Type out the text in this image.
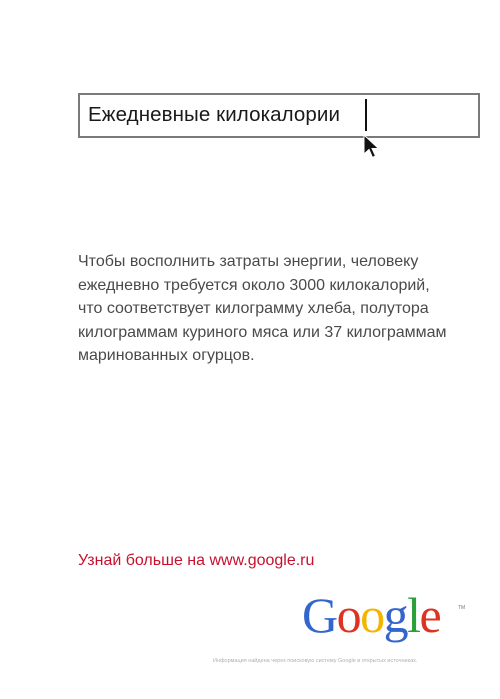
Ежедневные килокалории

Чтобы восполнить затраты энергии, человеку
ежедневно требуется около 3000 килокалорий,
что соответствует килограмму хлеба, полутора
килограммам куриного мяса или 37 килограммам
маринованных огурцов.

Узнай больше на www.google.ru
Google	TM
Информация найдена через поисковую систему Google в открытых источниках.
